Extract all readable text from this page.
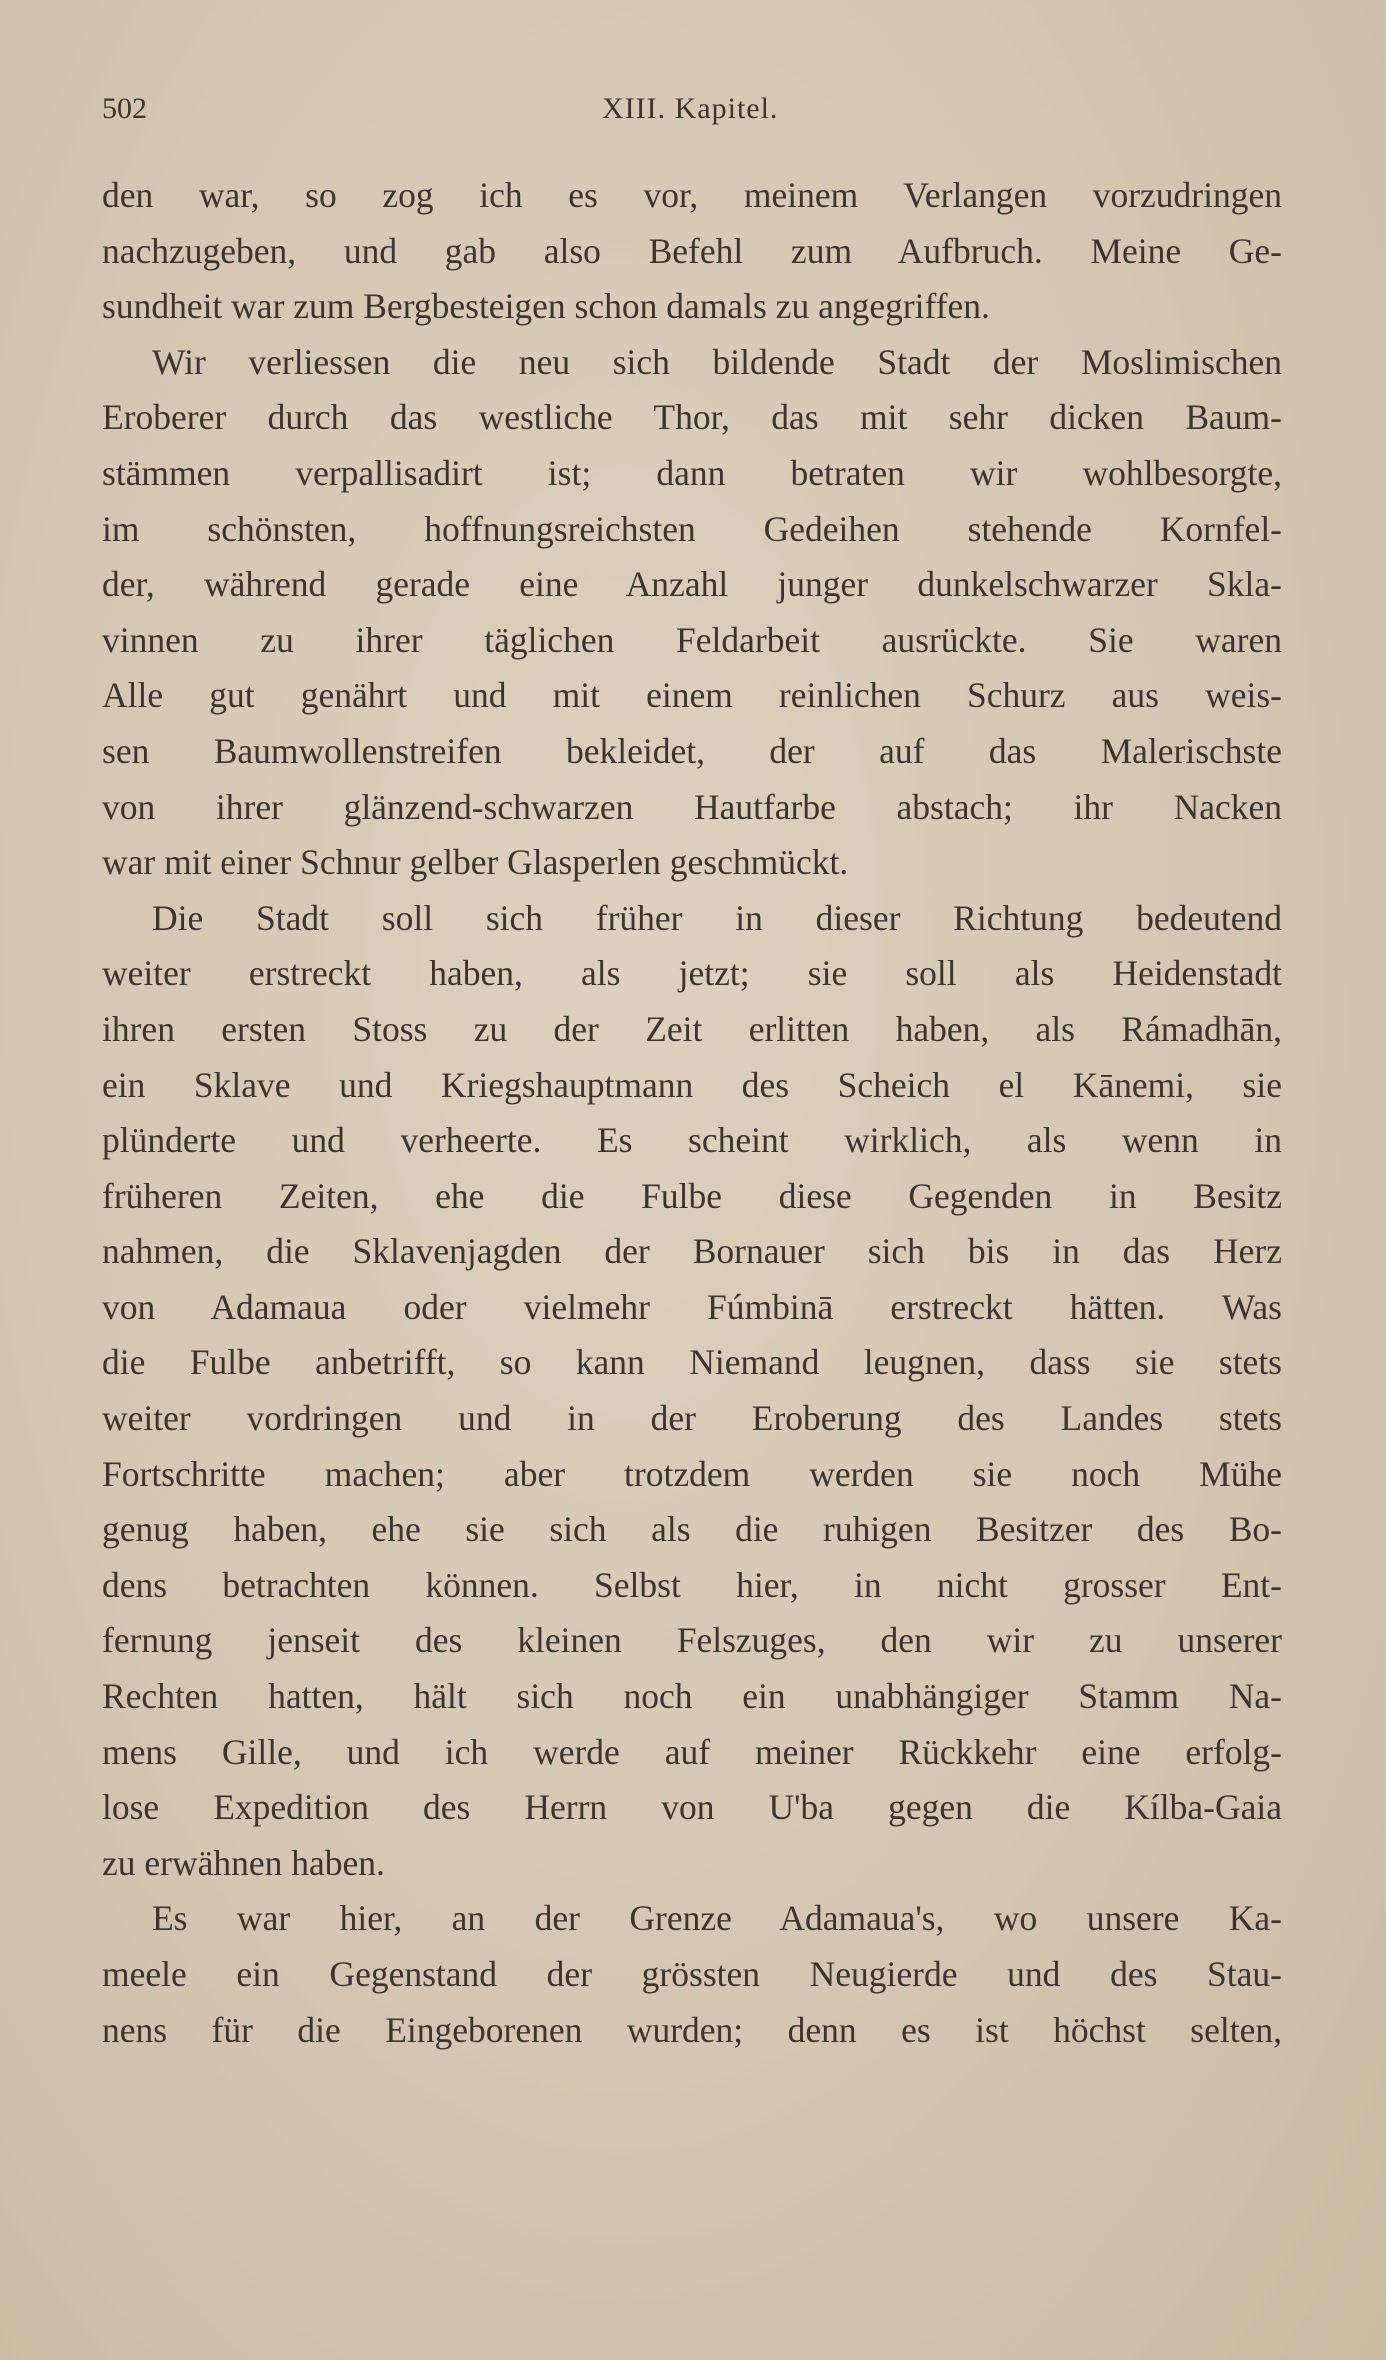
502	XIII. Kapitel.
den war, so zog ich es vor, meinem Verlangen vorzudringen
nachzugeben, und gab also Befehl zum Aufbruch. Meine Ge-
sundheit war zum Bergbesteigen schon damals zu angegriffen.
Wir verliessen die neu sich bildende Stadt der Moslimischen
Eroberer durch das westliche Thor, das mit sehr dicken Baum-
stämmen verpallisadirt ist; dann betraten wir wohlbesorgte,
im schönsten, hoffnungsreichsten Gedeihen stehende Kornfel-
der, während gerade eine Anzahl junger dunkelschwarzer Skla-
vinnen zu ihrer täglichen Feldarbeit ausrückte. Sie waren
Alle gut genährt und mit einem reinlichen Schurz aus weis-
sen Baumwollenstreifen bekleidet, der auf das Malerischste
von ihrer glänzend-schwarzen Hautfarbe abstach; ihr Nacken
war mit einer Schnur gelber Glasperlen geschmückt.
Die Stadt soll sich früher in dieser Richtung bedeutend
weiter erstreckt haben, als jetzt; sie soll als Heidenstadt
ihren ersten Stoss zu der Zeit erlitten haben, als Rámadhān,
ein Sklave und Kriegshauptmann des Scheich el Kānemi, sie
plünderte und verheerte. Es scheint wirklich, als wenn in
früheren Zeiten, ehe die Fulbe diese Gegenden in Besitz
nahmen, die Sklavenjagden der Bornauer sich bis in das Herz
von Adamaua oder vielmehr Fúmbinā erstreckt hätten. Was
die Fulbe anbetrifft, so kann Niemand leugnen, dass sie stets
weiter vordringen und in der Eroberung des Landes stets
Fortschritte machen; aber trotzdem werden sie noch Mühe
genug haben, ehe sie sich als die ruhigen Besitzer des Bo-
dens betrachten können. Selbst hier, in nicht grosser Ent-
fernung jenseit des kleinen Felszuges, den wir zu unserer
Rechten hatten, hält sich noch ein unabhängiger Stamm Na-
mens Gille, und ich werde auf meiner Rückkehr eine erfolg-
lose Expedition des Herrn von U'ba gegen die Kílba-Gaia
zu erwähnen haben.
Es war hier, an der Grenze Adamaua's, wo unsere Ka-
meele ein Gegenstand der grössten Neugierde und des Stau-
nens für die Eingeborenen wurden; denn es ist höchst selten,
